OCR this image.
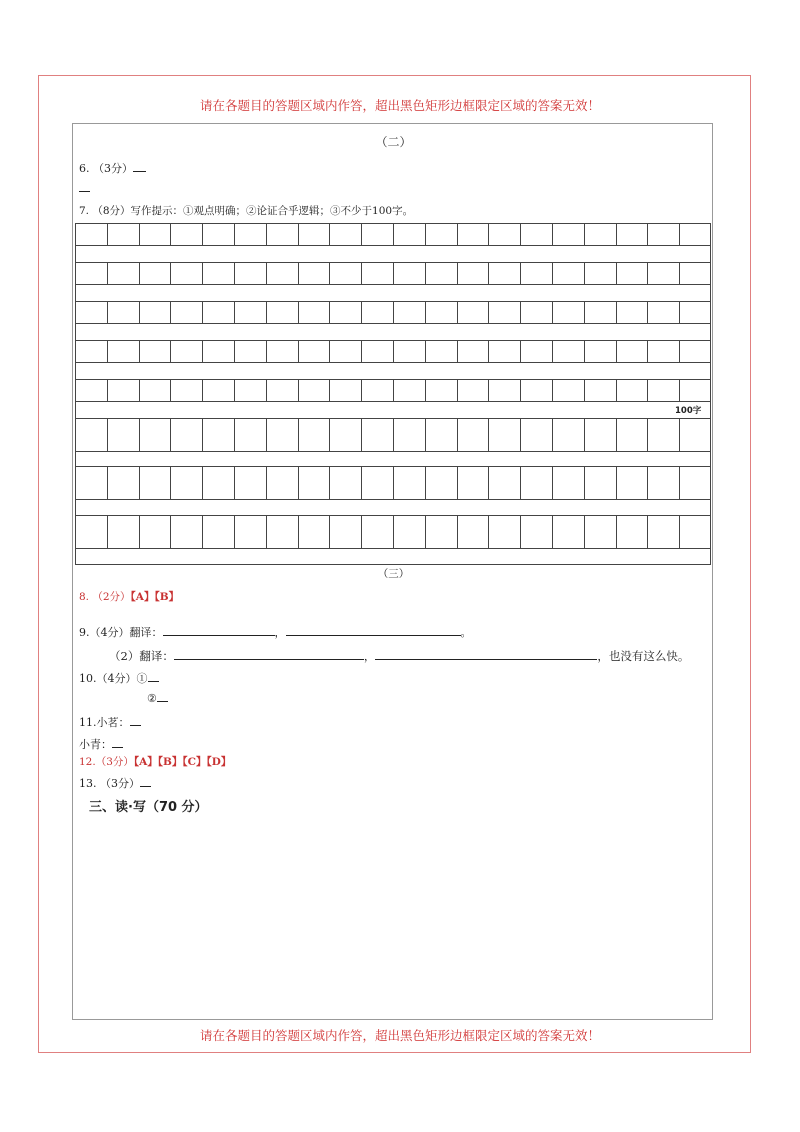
请在各题目的答题区域内作答，超出黑色矩形边框限定区域的答案无效！
请在各题目的答题区域内作答，超出黑色矩形边框限定区域的答案无效！
（二）
6. （3分）
7. （8分）写作提示：①观点明确；②论证合乎逻辑；③不少于100字。
100字
（三）
8. （2分）【A】【B】
9.（4分）翻译：	，	。
（2）翻译：	，	，也没有这么快。
10.（4分）①
②
11.小茗：
小青：
12.（3分）【A】【B】【C】【D】
13. （3分）
三、读·写（70 分）
